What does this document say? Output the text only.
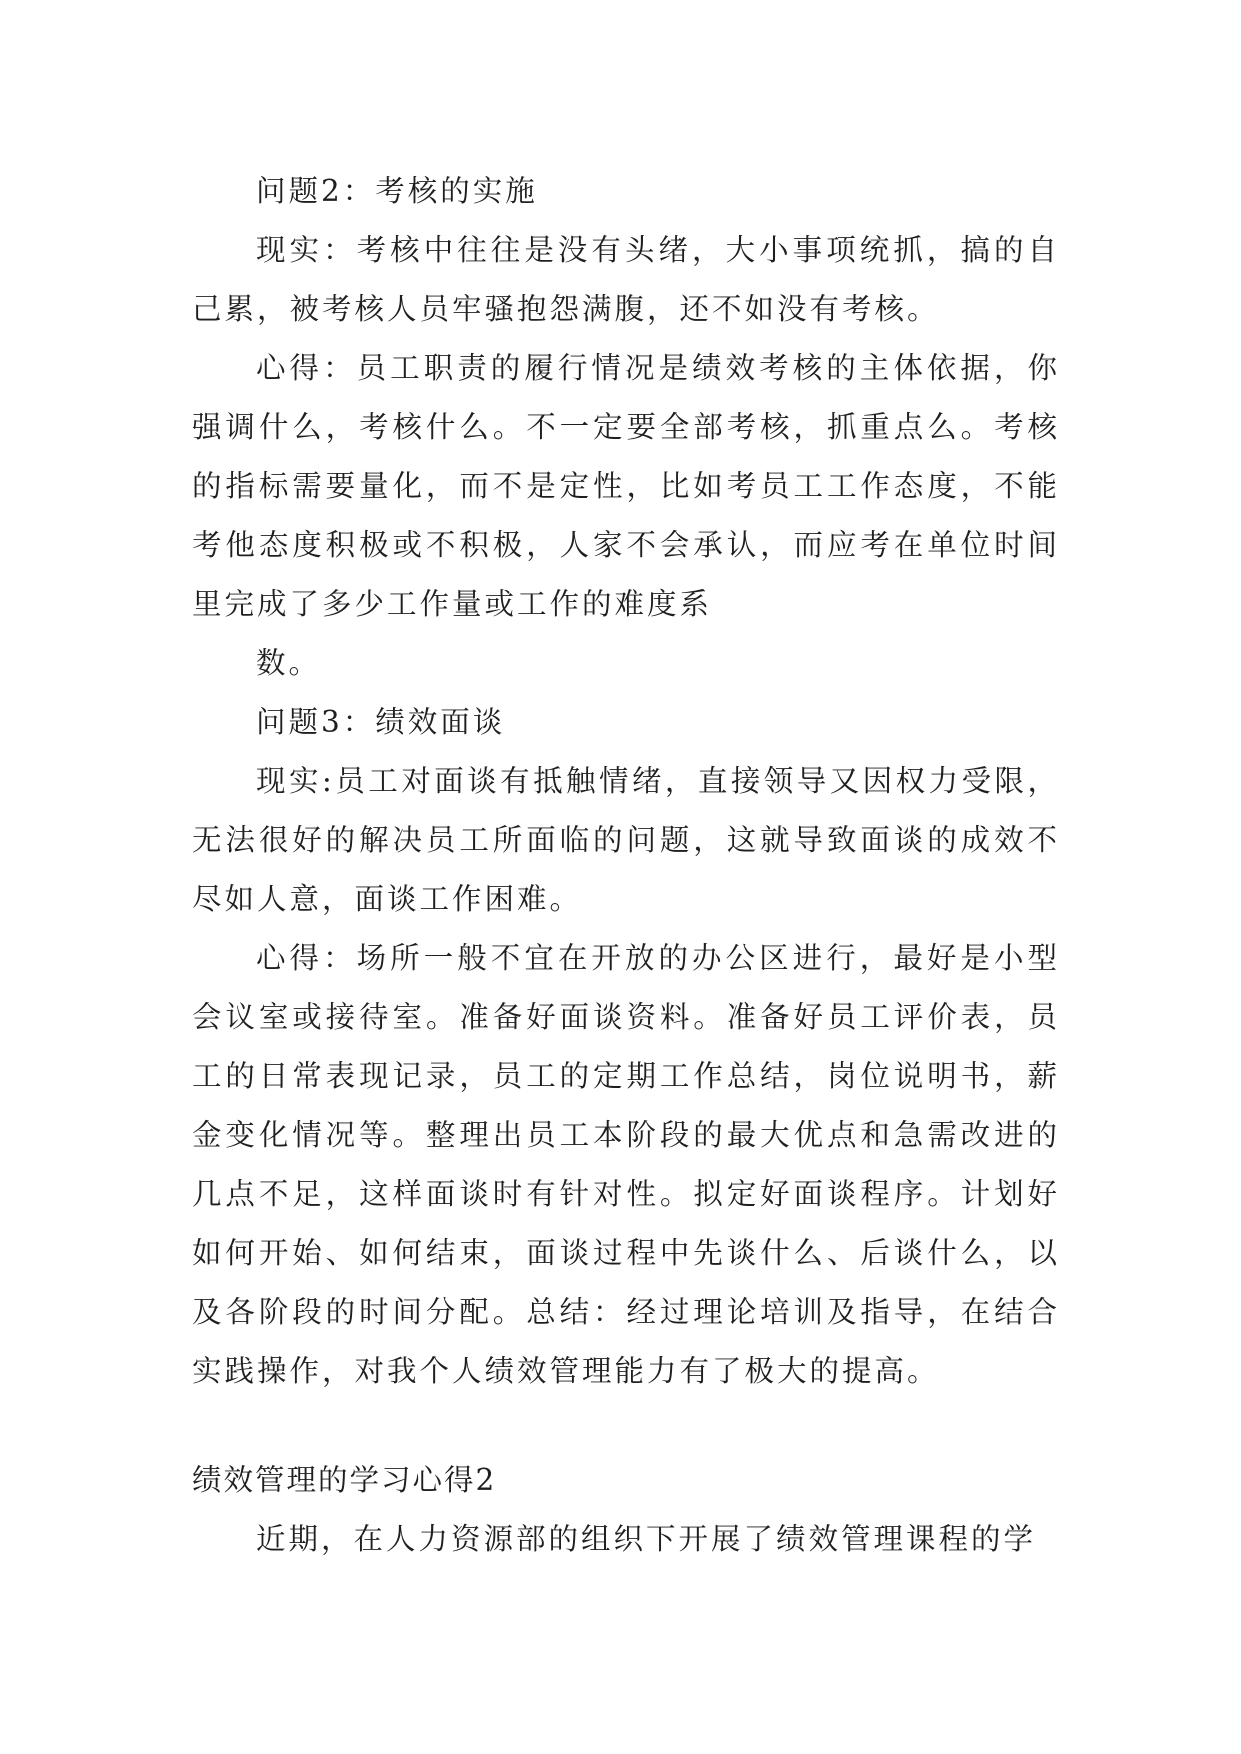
问题2：考核的实施

现实：考核中往往是没有头绪，大小事项统抓，搞的自己累，被考核人员牢骚抱怨满腹，还不如没有考核。

心得：员工职责的履行情况是绩效考核的主体依据，你强调什么，考核什么。不一定要全部考核，抓重点么。考核的指标需要量化，而不是定性，比如考员工工作态度，不能考他态度积极或不积极，人家不会承认，而应考在单位时间里完成了多少工作量或工作的难度系

数。

问题3：绩效面谈

现实:员工对面谈有抵触情绪，直接领导又因权力受限，无法很好的解决员工所面临的问题，这就导致面谈的成效不尽如人意，面谈工作困难。

心得：场所一般不宜在开放的办公区进行，最好是小型会议室或接待室。准备好面谈资料。准备好员工评价表，员工的日常表现记录，员工的定期工作总结，岗位说明书，薪金变化情况等。整理出员工本阶段的最大优点和急需改进的几点不足，这样面谈时有针对性。拟定好面谈程序。计划好如何开始、如何结束，面谈过程中先谈什么、后谈什么，以及各阶段的时间分配。总结：经过理论培训及指导，在结合实践操作，对我个人绩效管理能力有了极大的提高。

绩效管理的学习心得2

近期，在人力资源部的组织下开展了绩效管理课程的学
